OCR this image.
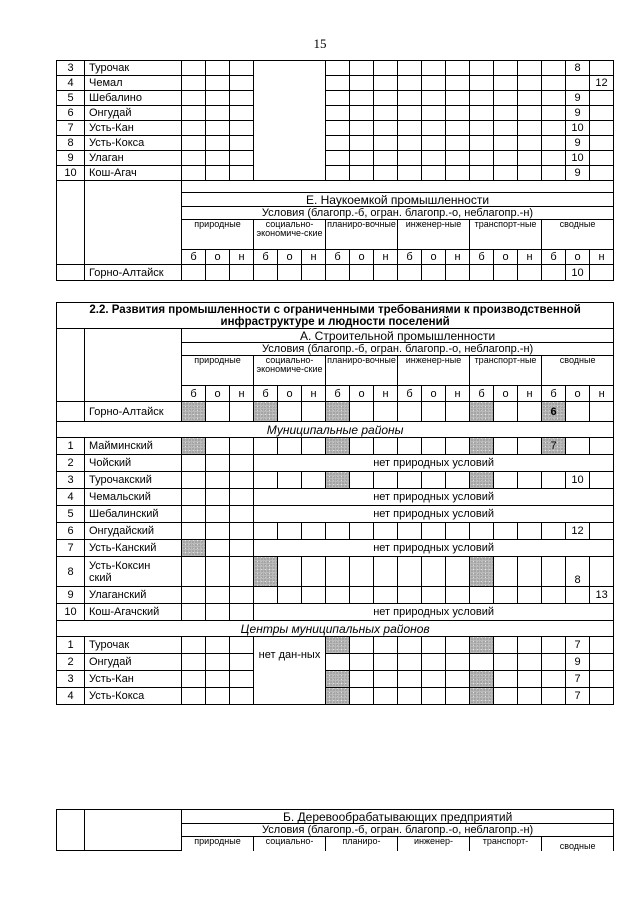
15
3	Турочак																	8	
4	Чемал																		12
5	Шебалино																	9	
6	Онгудай																	9	
7	Усть-Кан																	10	
8	Усть-Кокса																	9	
9	Улаган																	10	
10	Кош-Агач																	9	

		Е. Наукоемкой промышленности																	
		Условия (благопр.-б, огран. благопр.-о, неблагопр.-н)																	
		природные			социально-экономиче-ские			планиро-вочные			инженер-ные			транспорт-ные			сводные		
		б	о	н	б	о	н	б	о	н	б	о	н	б	о	н	б	о	н
	Горно-Алтайск																	10	
2.2. Развития промышленности с ограниченными требованиями к производственной инфраструктуре и людности поселений																			
		А. Строительной промышленности																	
		Условия (благопр.-б, огран. благопр.-о, неблагопр.-н)																	
		природные			социально-экономиче-ские			планиро-вочные			инженер-ные			транспорт-ные			сводные		
		б	о	н	б	о	н	б	о	н	б	о	н	б	о	н	б	о	н
	Горно-Алтайск																6		
Муниципальные районы																			
1	Майминский																7		
2	Чойский				нет природных условий														
3	Турочакский																	10	
4	Чемальский				нет природных условий														
5	Шебалинский				нет природных условий														
6	Онгудайский																	12	
7	Усть-Канский				нет природных условий														
8	Усть-Коксинский																	8	
9	Улаганский																		13
10	Кош-Агачский				нет природных условий														
Центры муниципальных районов																			
1	Турочак				нет дан-ных													7	
2	Онгудай																	9	
3	Усть-Кан																	7	
4	Усть-Кокса																	7	
		Б. Деревообрабатывающих предприятий					
		Условия (благопр.-б, огран. благопр.-о, неблагопр.-н)					
		природные	социально-	планиро-	инженер-	транспорт-	сводные
